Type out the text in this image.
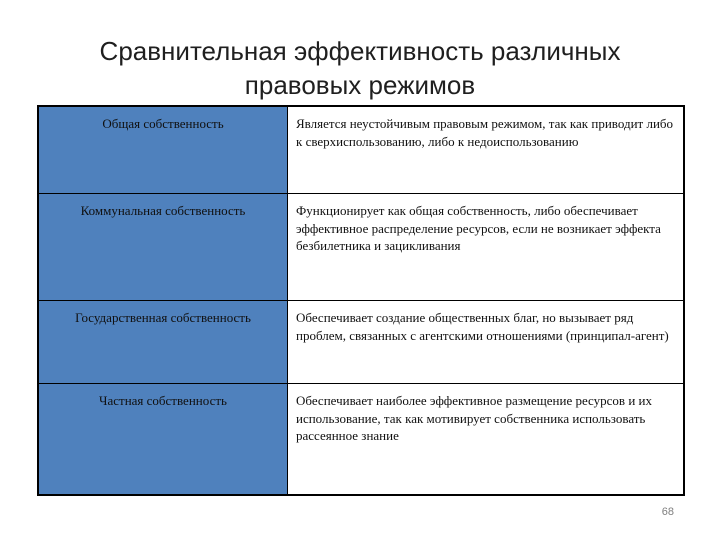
Сравнительная эффективность различных
правовых режимов
Общая собственность	Является неустойчивым правовым режимом, так как приводит либо к сверхиспользованию, либо к недоиспользованию
Коммунальная собственность	Функционирует как общая собственность, либо обеспечивает эффективное распределение ресурсов, если не возникает эффекта безбилетника и зацикливания
Государственная собственность	Обеспечивает создание общественных благ, но вызывает ряд проблем, связанных с агентскими отношениями (принципал-агент)
Частная собственность	Обеспечивает наиболее эффективное размещение ресурсов и их использование, так как мотивирует собственника использовать рассеянное знание
68
